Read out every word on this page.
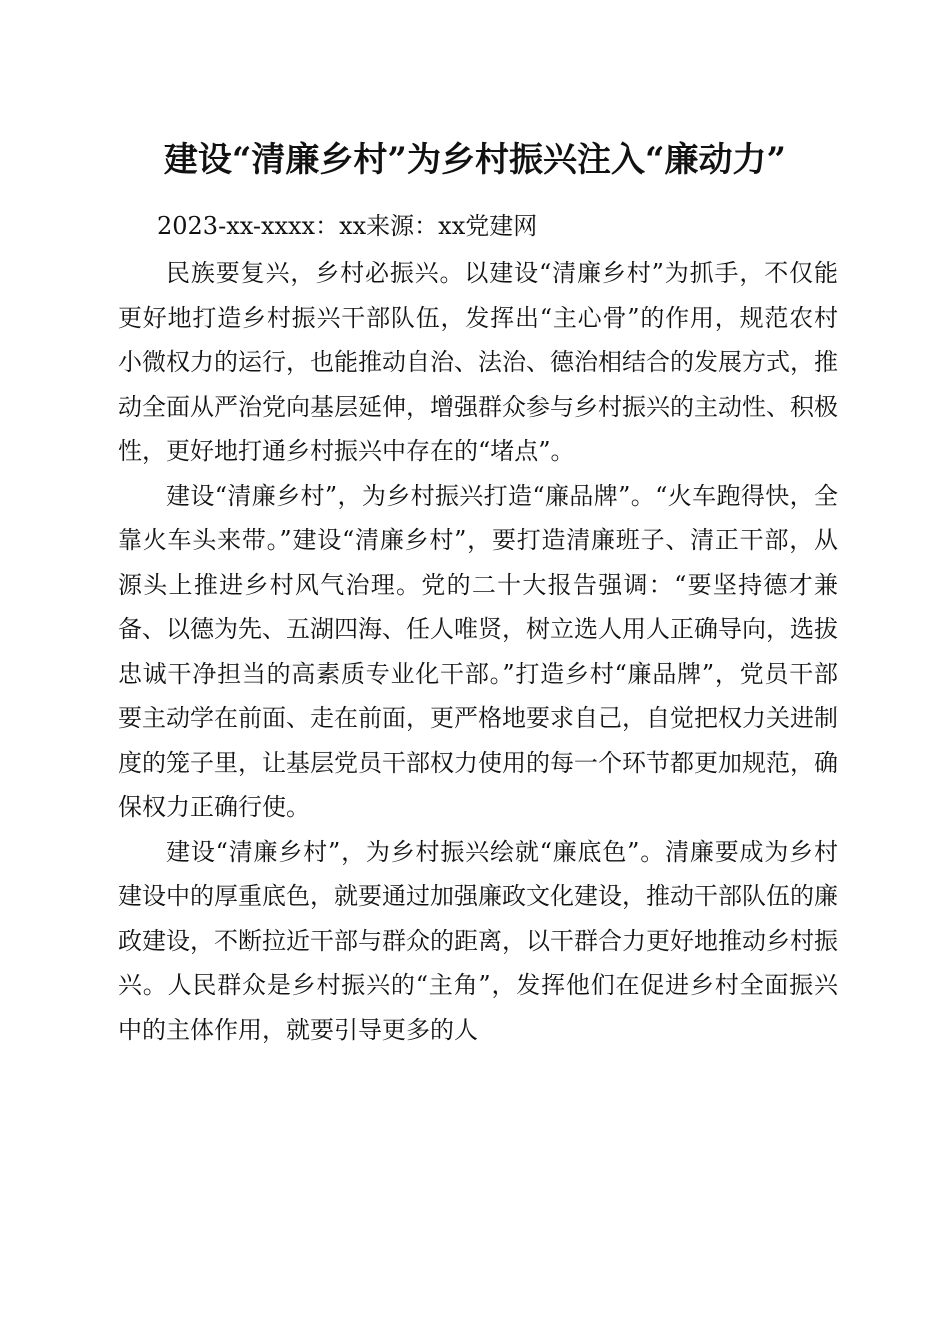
建设“清廉乡村”为乡村振兴注入“廉动力”
2023-xx-xxxx：xx来源：xx党建网

民族要复兴，乡村必振兴。以建设“清廉乡村”为抓手，不仅能更好地打造乡村振兴干部队伍，发挥出“主心骨”的作用，规范农村小微权力的运行，也能推动自治、法治、德治相结合的发展方式，推动全面从严治党向基层延伸，增强群众参与乡村振兴的主动性、积极性，更好地打通乡村振兴中存在的“堵点”。

建设“清廉乡村”，为乡村振兴打造“廉品牌”。“火车跑得快，全靠火车头来带。”建设“清廉乡村”，要打造清廉班子、清正干部，从源头上推进乡村风气治理。党的二十大报告强调：“要坚持德才兼备、以德为先、五湖四海、任人唯贤，树立选人用人正确导向，选拔忠诚干净担当的高素质专业化干部。”打造乡村“廉品牌”，党员干部要主动学在前面、走在前面，更严格地要求自己，自觉把权力关进制度的笼子里，让基层党员干部权力使用的每一个环节都更加规范，确保权力正确行使。

建设“清廉乡村”，为乡村振兴绘就“廉底色”。清廉要成为乡村建设中的厚重底色，就要通过加强廉政文化建设，推动干部队伍的廉政建设，不断拉近干部与群众的距离，以干群合力更好地推动乡村振兴。人民群众是乡村振兴的“主角”，发挥他们在促进乡村全面振兴中的主体作用，就要引导更多的人
